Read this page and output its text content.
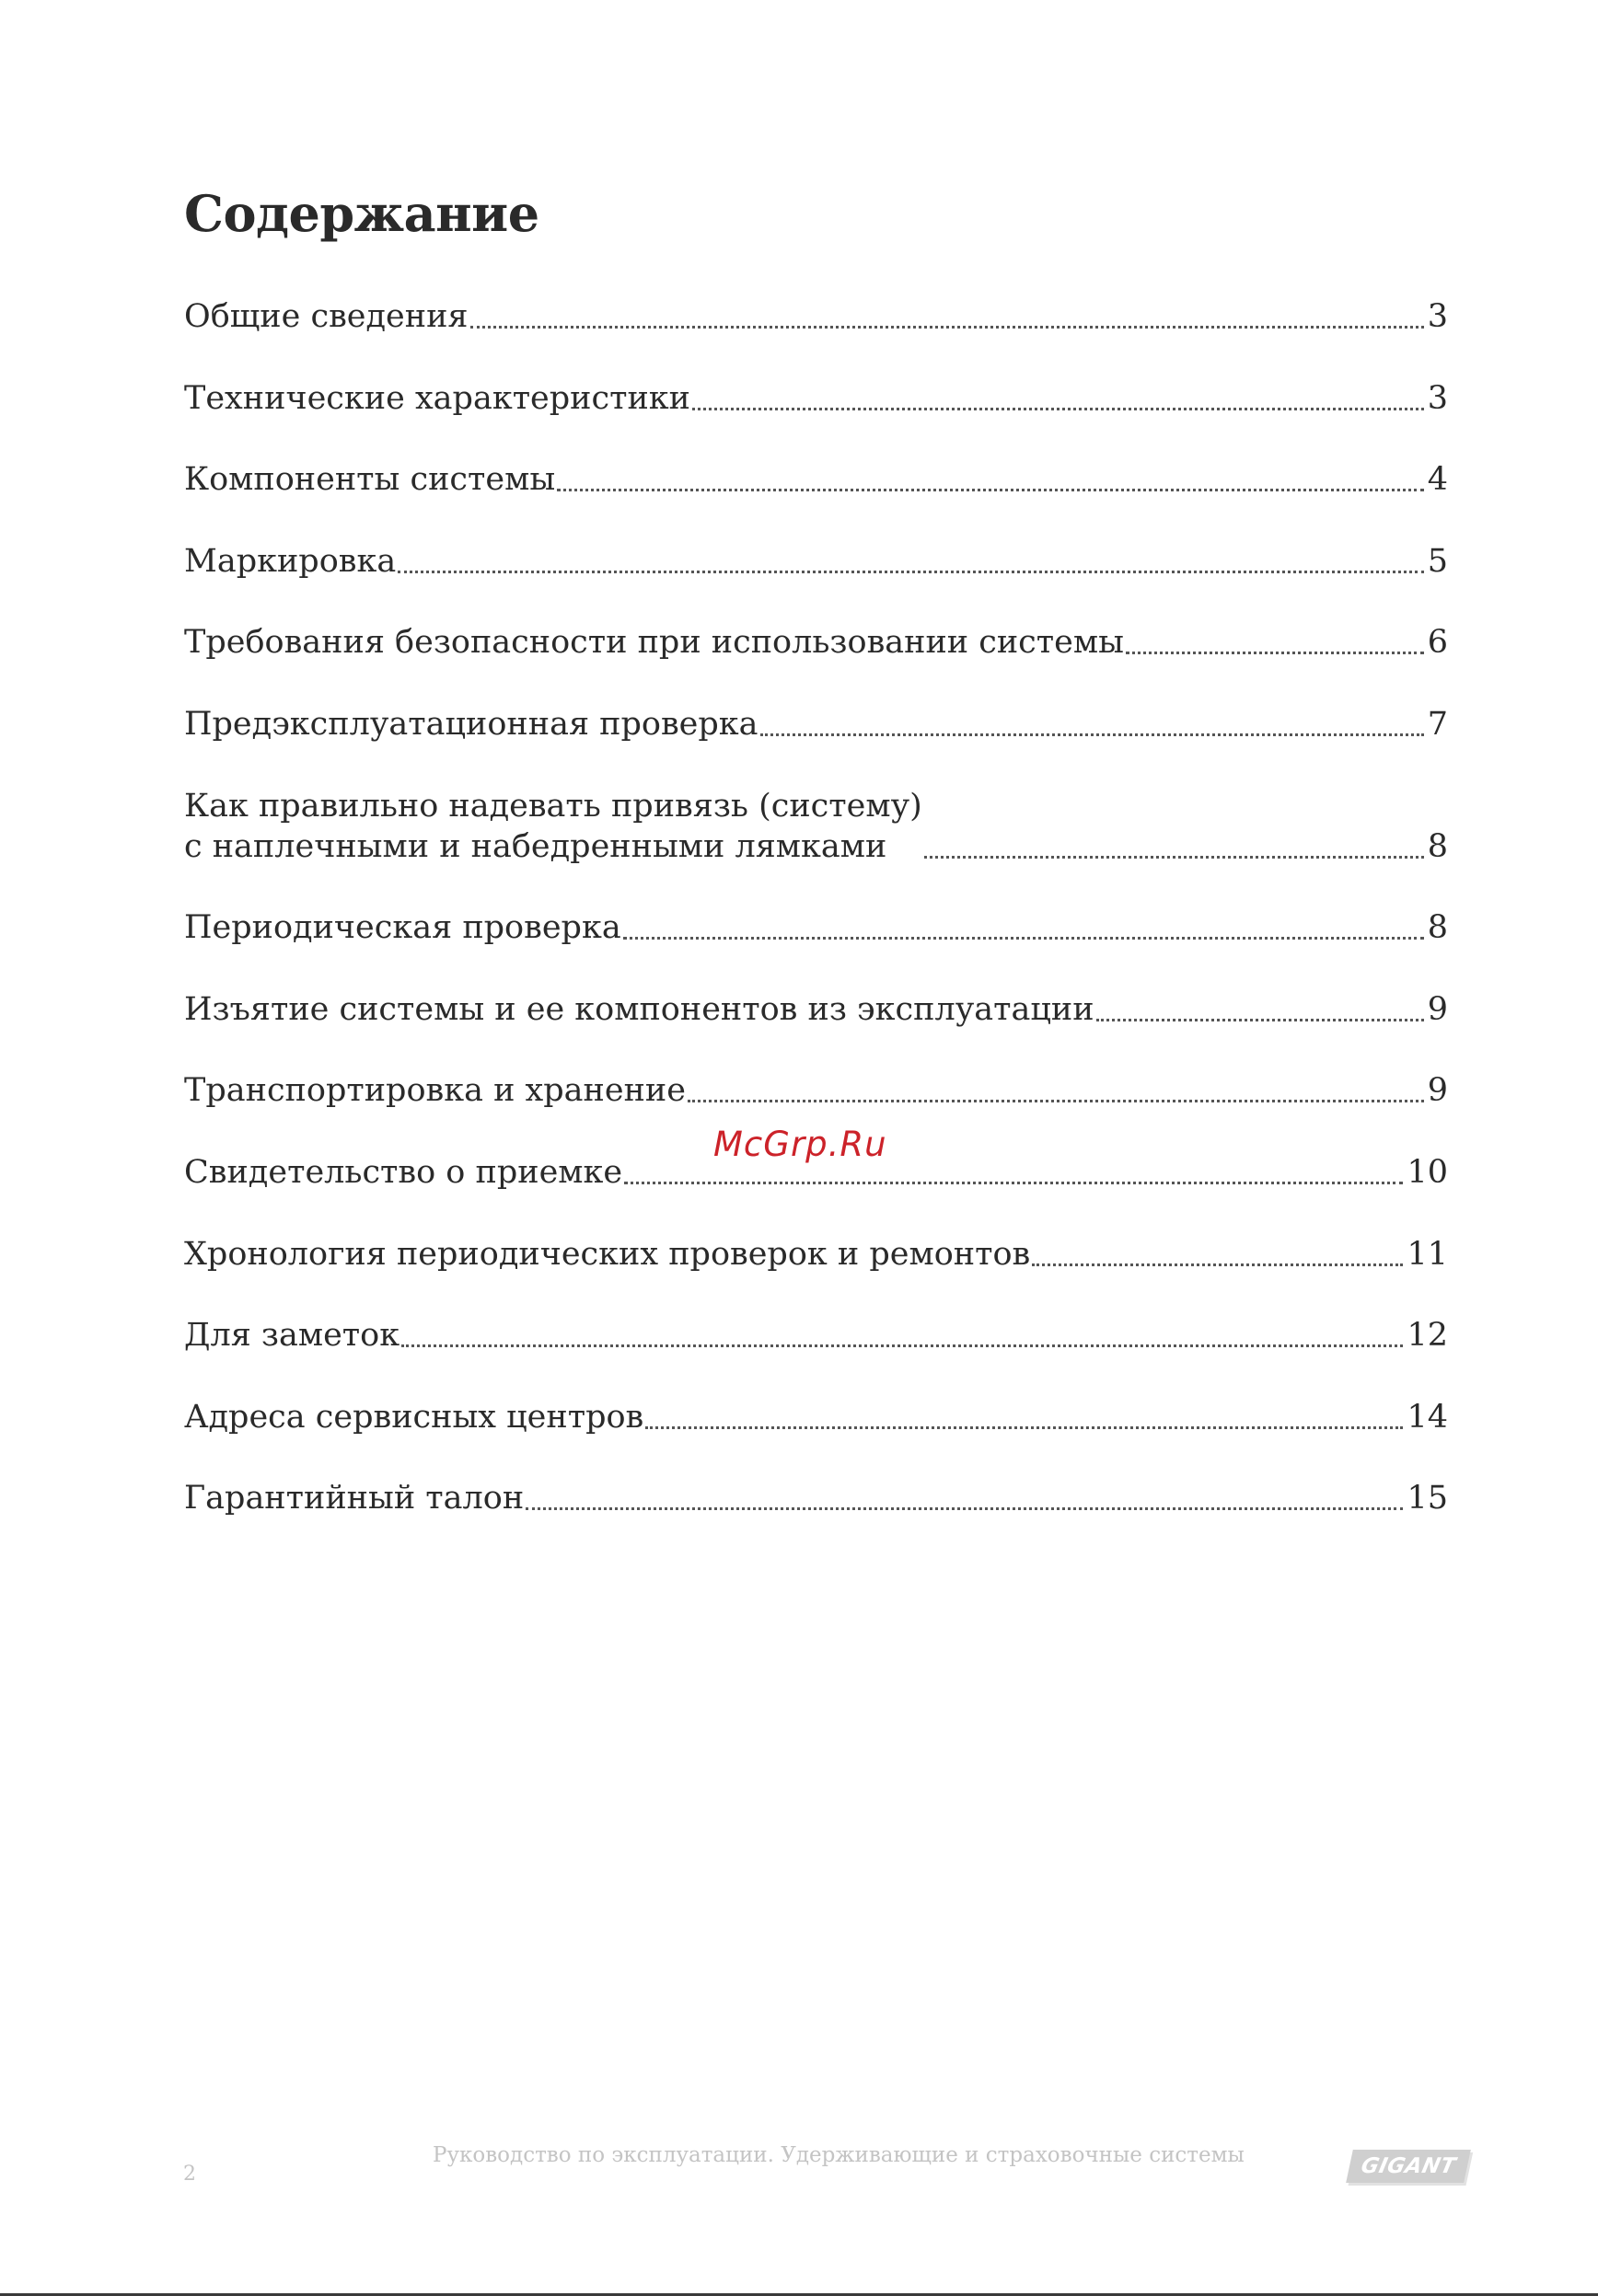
Содержание
Общие сведения	3
Технические характеристики	3
Компоненты системы	4
Маркировка	5
Требования безопасности при использовании системы	6
Предэксплуатационная проверка	7
Как правильно надевать привязь (систему)
с наплечными и набедренными лямками	8
Периодическая проверка	8
Изъятие системы и ее компонентов из эксплуатации	9
Транспортировка и хранение	9
Свидетельство о приемке	10
Хронология периодических проверок и ремонтов	11
Для заметок	12
Адреса сервисных центров	14
Гарантийный талон	15
McGrp.Ru
2
Руководство по эксплуатации. Удерживающие и страховочные системы	GIGANT
